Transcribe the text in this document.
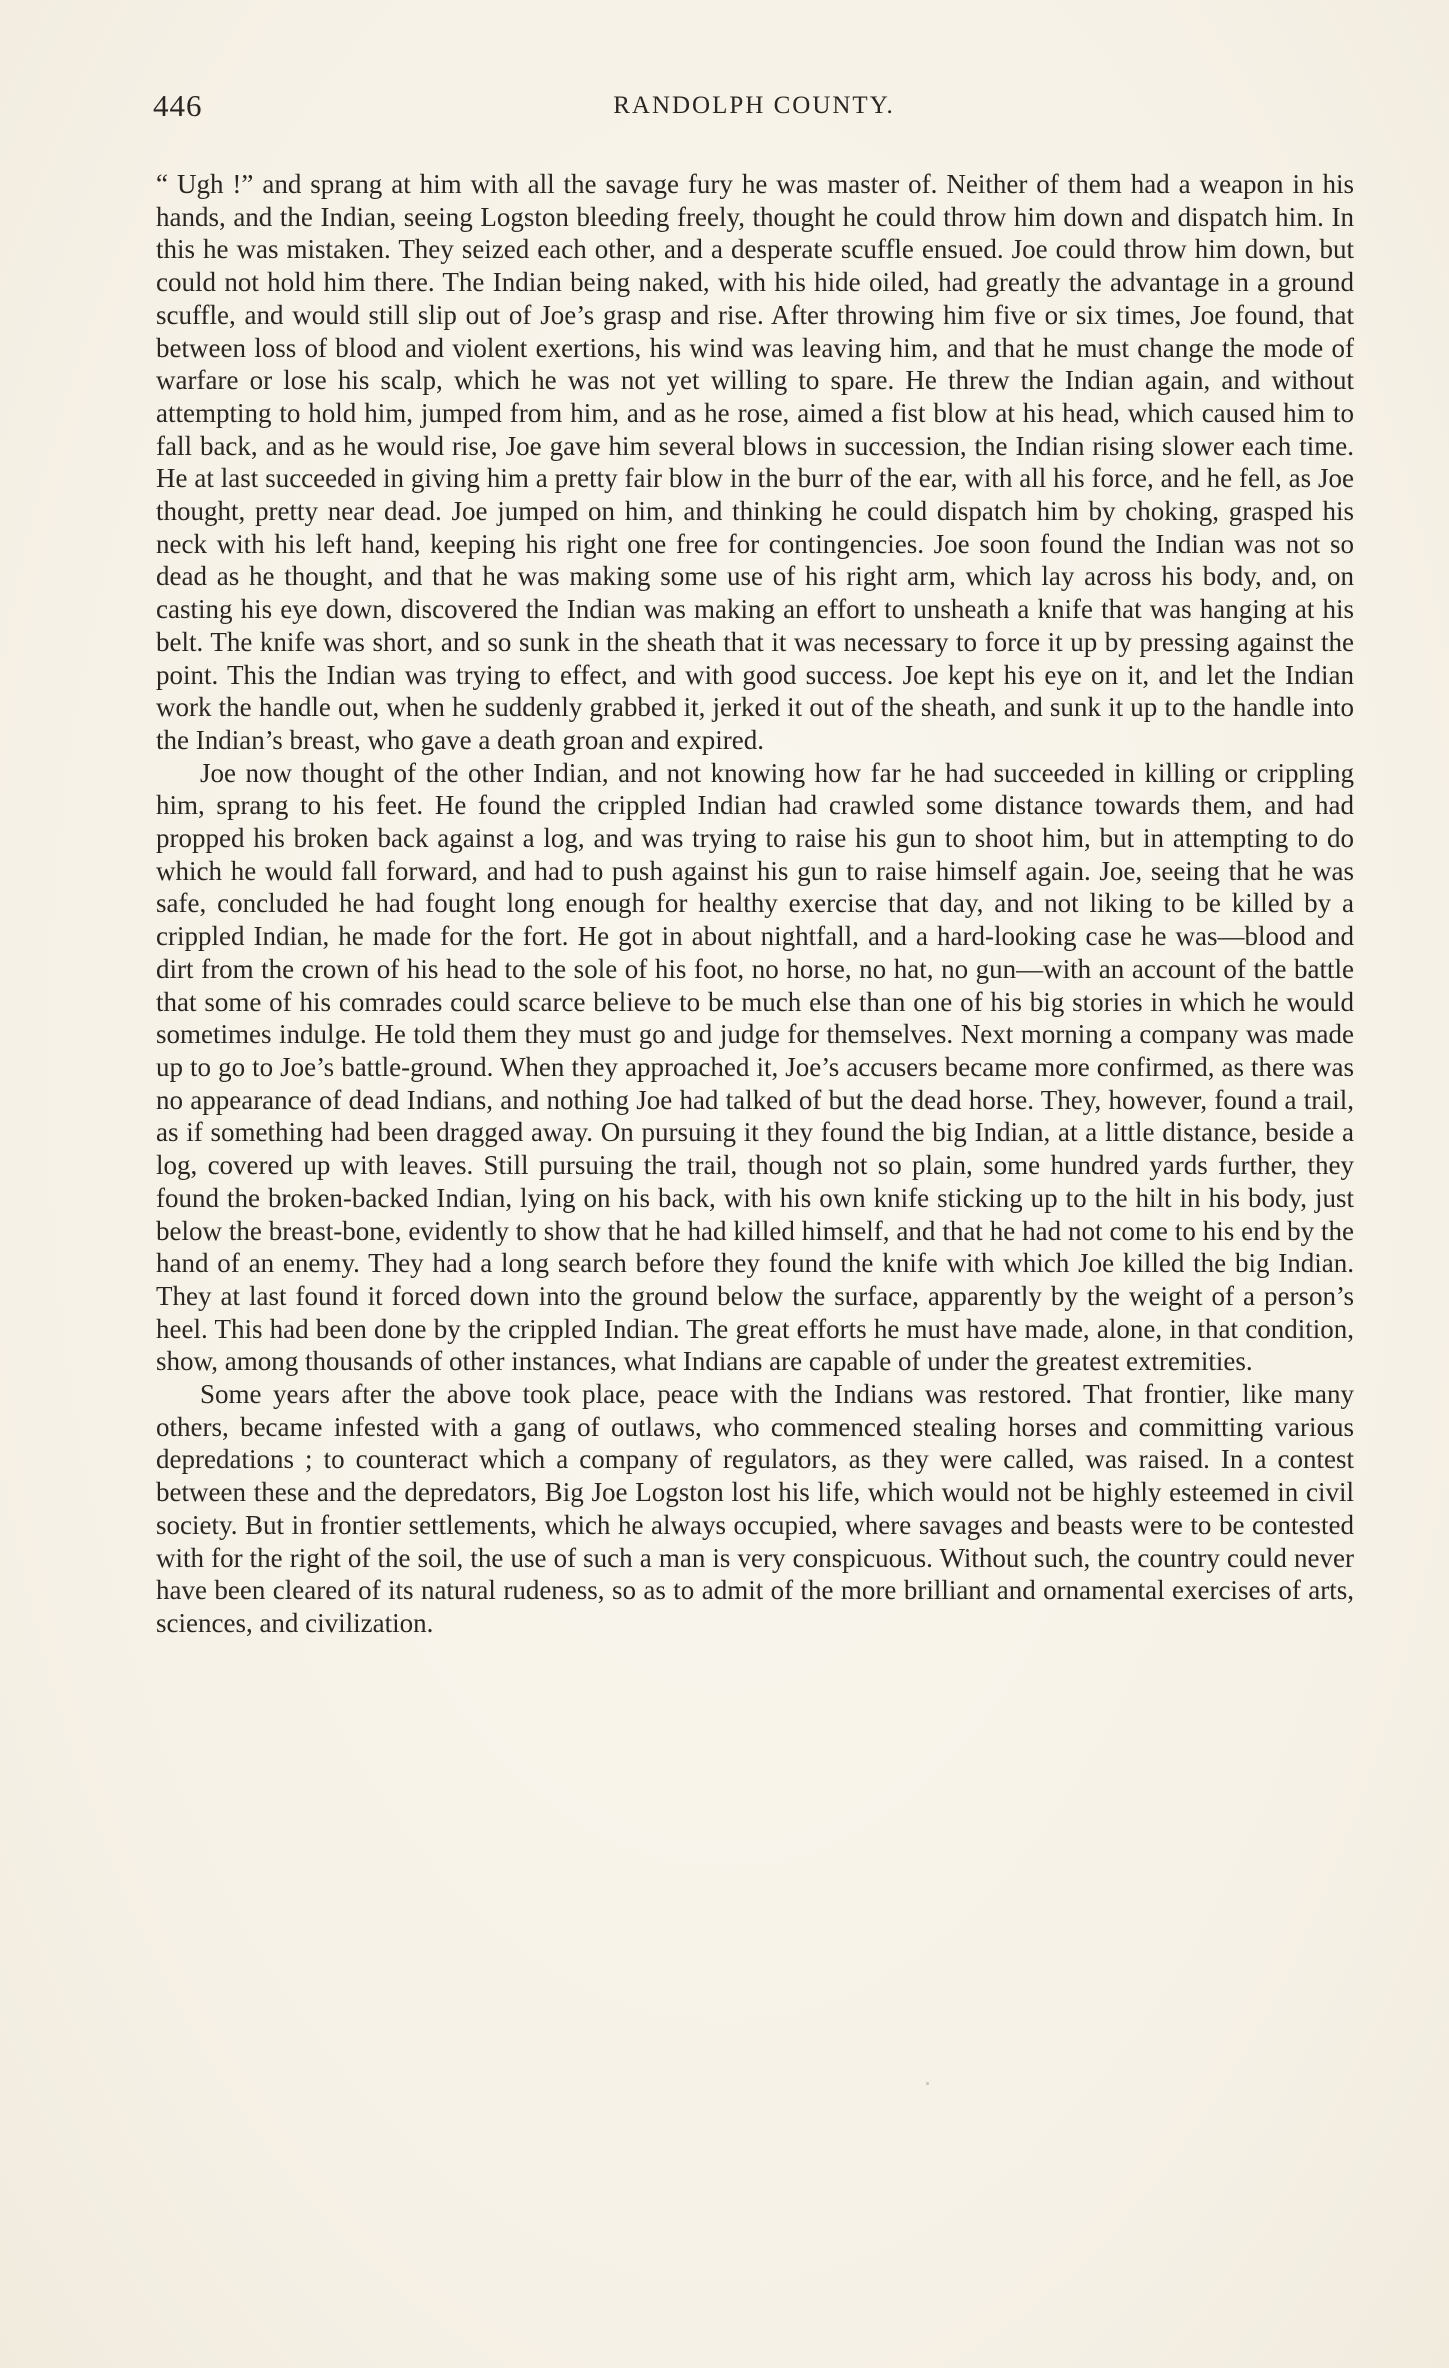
446	RANDOLPH COUNTY.

“ Ugh !” and sprang at him with all the savage fury he was master of. Neither of them had a weapon in his hands, and the Indian, seeing Logston bleeding freely, thought he could throw him down and dispatch him. In this he was mistaken. They seized each other, and a desperate scuffle ensued. Joe could throw him down, but could not hold him there. The Indian being naked, with his hide oiled, had greatly the advantage in a ground scuffle, and would still slip out of Joe’s grasp and rise. After throwing him five or six times, Joe found, that between loss of blood and violent exertions, his wind was leaving him, and that he must change the mode of warfare or lose his scalp, which he was not yet willing to spare. He threw the Indian again, and without attempting to hold him, jumped from him, and as he rose, aimed a fist blow at his head, which caused him to fall back, and as he would rise, Joe gave him several blows in succession, the Indian rising slower each time. He at last succeeded in giving him a pretty fair blow in the burr of the ear, with all his force, and he fell, as Joe thought, pretty near dead. Joe jumped on him, and thinking he could dispatch him by choking, grasped his neck with his left hand, keeping his right one free for contingencies. Joe soon found the Indian was not so dead as he thought, and that he was making some use of his right arm, which lay across his body, and, on casting his eye down, discovered the Indian was making an effort to unsheath a knife that was hanging at his belt. The knife was short, and so sunk in the sheath that it was necessary to force it up by pressing against the point. This the Indian was trying to effect, and with good success. Joe kept his eye on it, and let the Indian work the handle out, when he suddenly grabbed it, jerked it out of the sheath, and sunk it up to the handle into the Indian’s breast, who gave a death groan and expired.

Joe now thought of the other Indian, and not knowing how far he had succeeded in killing or crippling him, sprang to his feet. He found the crippled Indian had crawled some distance towards them, and had propped his broken back against a log, and was trying to raise his gun to shoot him, but in attempting to do which he would fall forward, and had to push against his gun to raise himself again. Joe, seeing that he was safe, concluded he had fought long enough for healthy exercise that day, and not liking to be killed by a crippled Indian, he made for the fort. He got in about nightfall, and a hard-looking case he was—blood and dirt from the crown of his head to the sole of his foot, no horse, no hat, no gun—with an account of the battle that some of his comrades could scarce believe to be much else than one of his big stories in which he would sometimes indulge. He told them they must go and judge for themselves. Next morning a company was made up to go to Joe’s battle-ground. When they approached it, Joe’s accusers became more confirmed, as there was no appearance of dead Indians, and nothing Joe had talked of but the dead horse. They, however, found a trail, as if something had been dragged away. On pursuing it they found the big Indian, at a little distance, beside a log, covered up with leaves. Still pursuing the trail, though not so plain, some hundred yards further, they found the broken-backed Indian, lying on his back, with his own knife sticking up to the hilt in his body, just below the breast-bone, evidently to show that he had killed himself, and that he had not come to his end by the hand of an enemy. They had a long search before they found the knife with which Joe killed the big Indian. They at last found it forced down into the ground below the surface, apparently by the weight of a person’s heel. This had been done by the crippled Indian. The great efforts he must have made, alone, in that condition, show, among thousands of other instances, what Indians are capable of under the greatest extremities.

Some years after the above took place, peace with the Indians was restored. That frontier, like many others, became infested with a gang of outlaws, who commenced stealing horses and committing various depredations ; to counteract which a company of regulators, as they were called, was raised. In a contest between these and the depredators, Big Joe Logston lost his life, which would not be highly esteemed in civil society. But in frontier settlements, which he always occupied, where savages and beasts were to be contested with for the right of the soil, the use of such a man is very conspicuous. Without such, the country could never have been cleared of its natural rudeness, so as to admit of the more brilliant and ornamental exercises of arts, sciences, and civilization.
